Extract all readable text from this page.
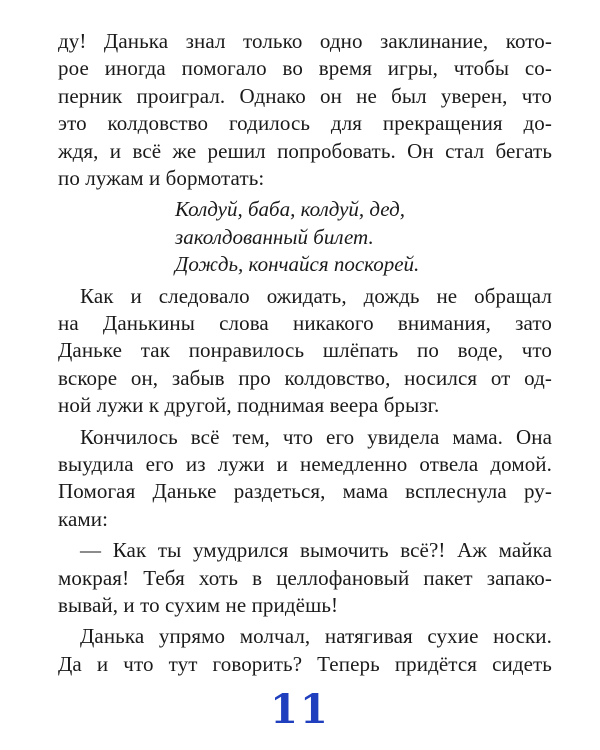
ду! Данька знал только одно заклинание, кото-
рое иногда помогало во время игры, чтобы со-
перник проиграл. Однако он не был уверен, что
это колдовство годилось для прекращения до-
ждя, и всё же решил попробовать. Он стал бегать
по лужам и бормотать:
Колдуй, баба, колдуй, дед,
заколдованный билет.
Дождь, кончайся поскорей.
Как и следовало ожидать, дождь не обращал
на Данькины слова никакого внимания, зато
Даньке так понравилось шлёпать по воде, что
вскоре он, забыв про колдовство, носился от од-
ной лужи к другой, поднимая веера брызг.
Кончилось всё тем, что его увидела мама. Она
выудила его из лужи и немедленно отвела домой.
Помогая Даньке раздеться, мама всплеснула ру-
ками:
— Как ты умудрился вымочить всё?! Аж майка
мокрая! Тебя хоть в целлофановый пакет запако-
вывай, и то сухим не придёшь!
Данька упрямо молчал, натягивая сухие носки.
Да и что тут говорить? Теперь придётся сидеть
11
